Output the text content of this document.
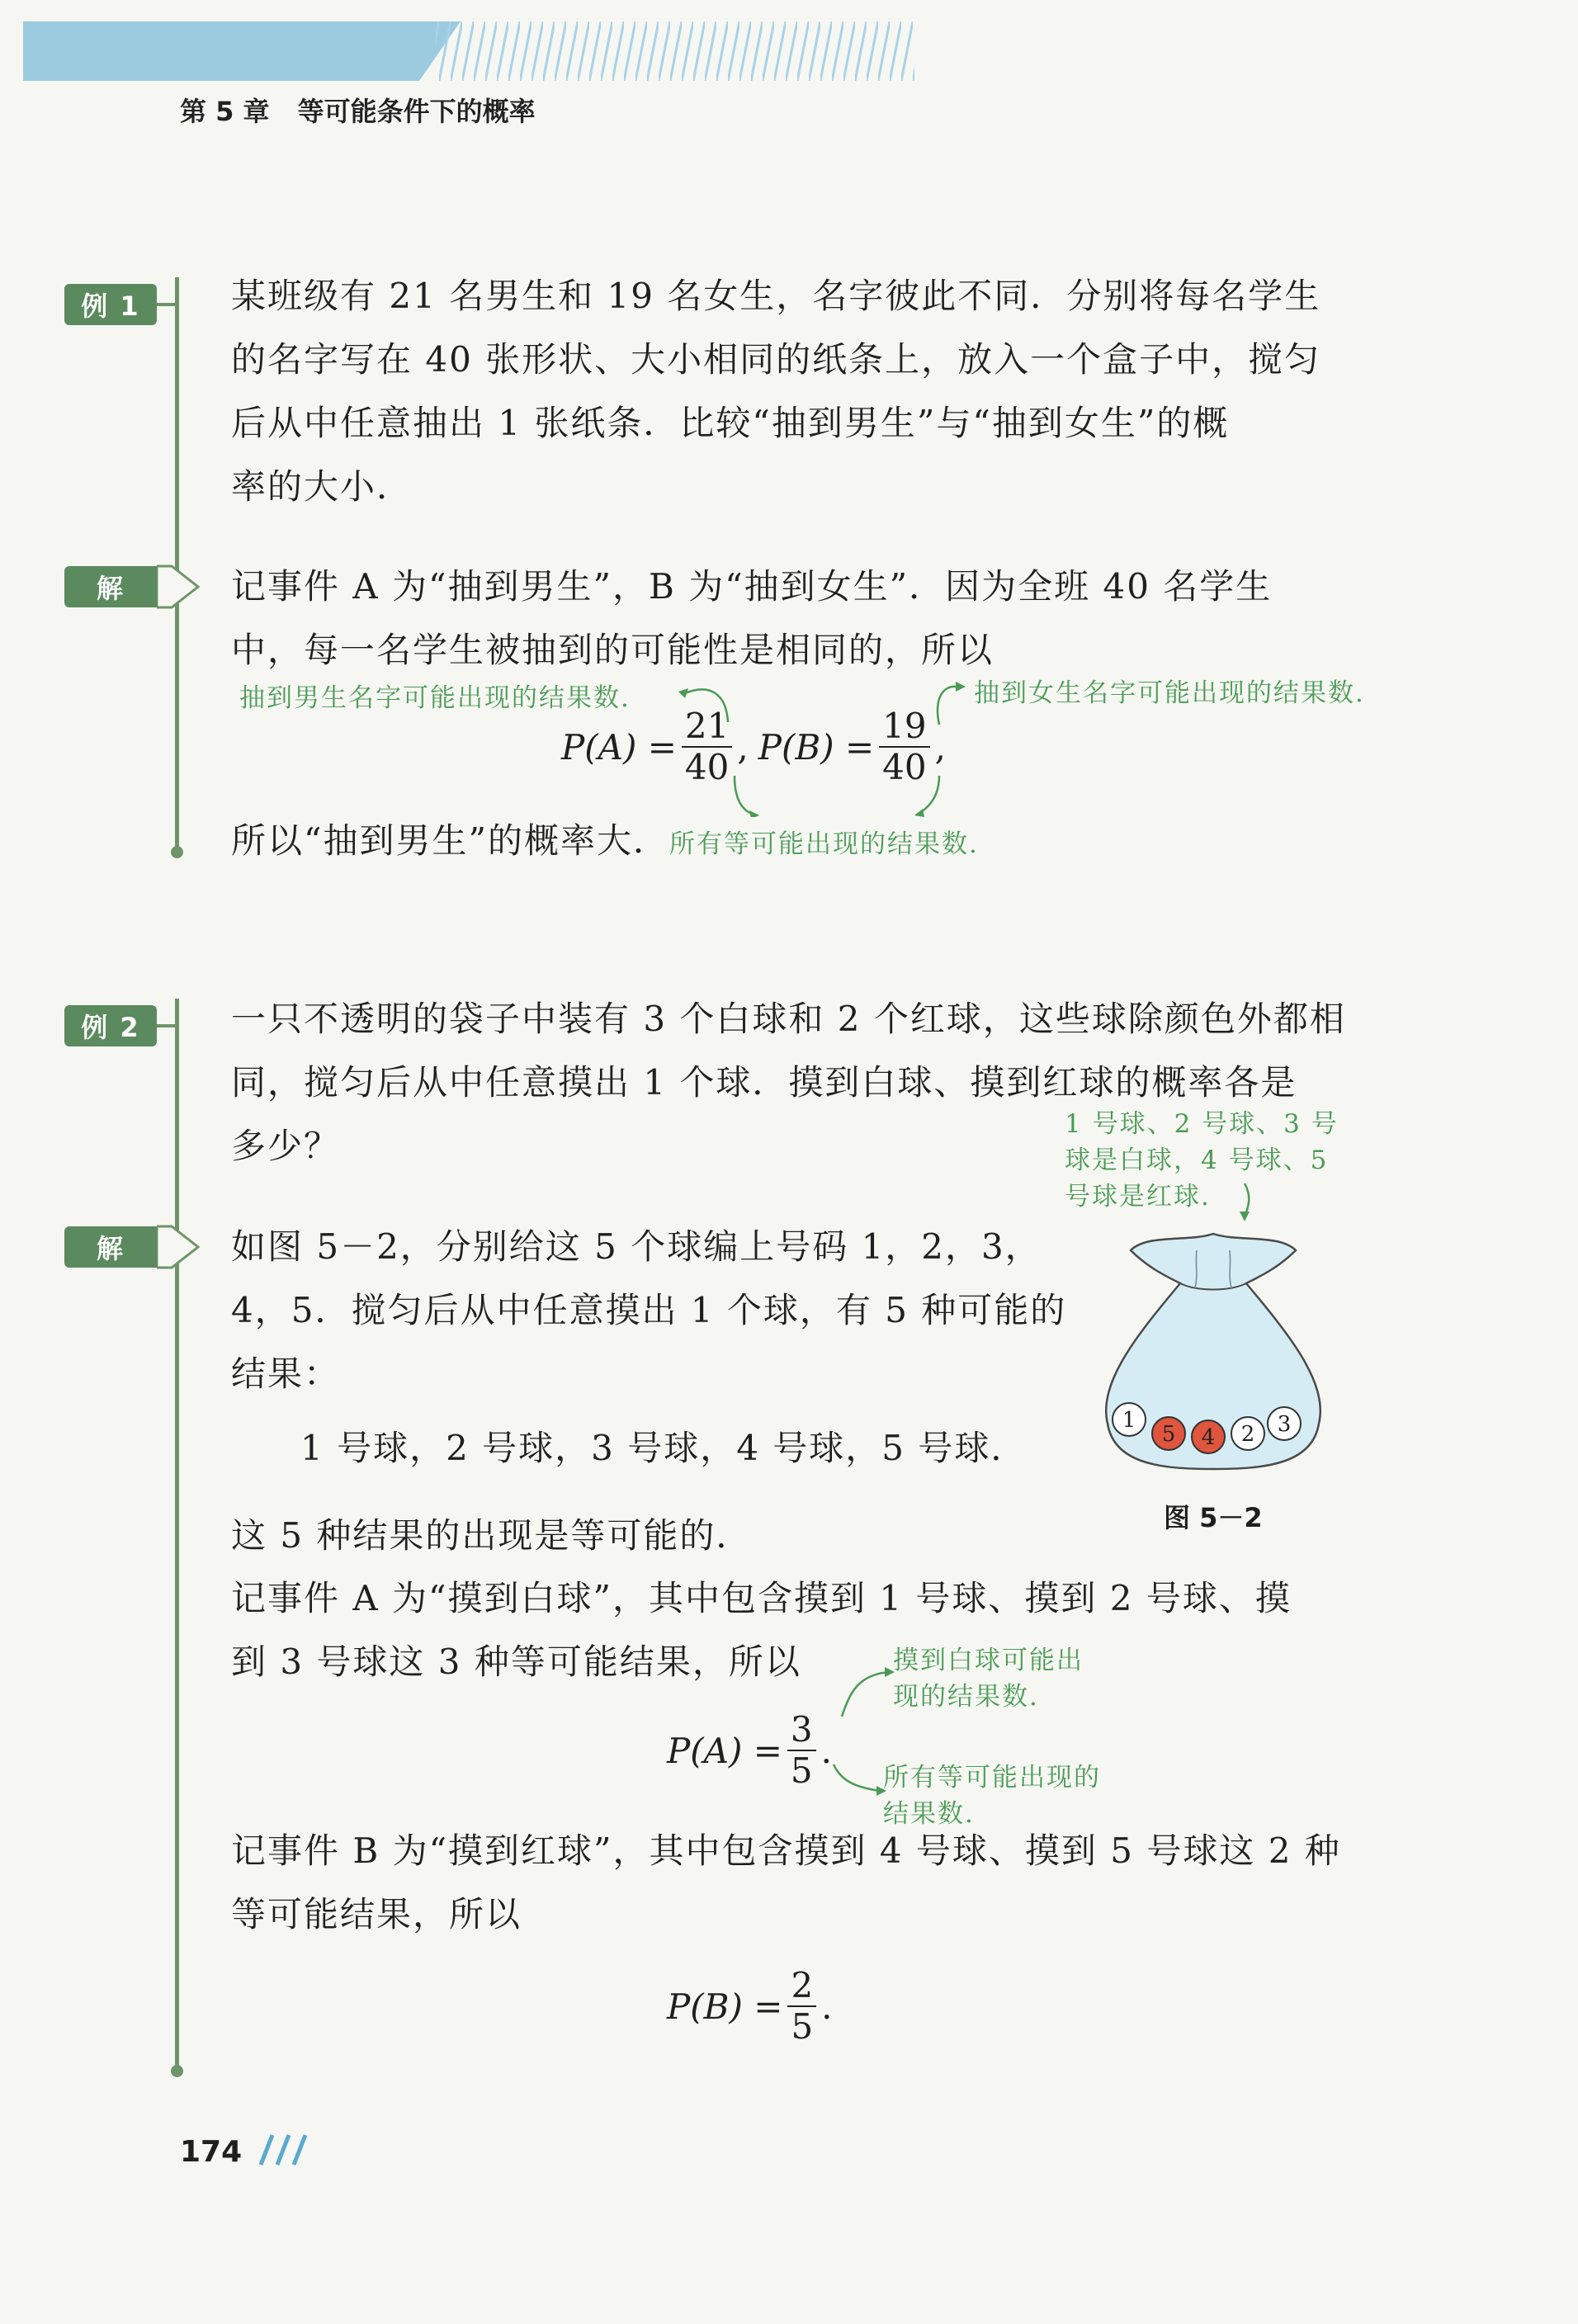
第 5 章 等可能条件下的概率
例 1	某班级有 21 名男生和 19 名女生，名字彼此不同．分别将每名学生
的名字写在 40 张形状、大小相同的纸条上，放入一个盒子中，搅匀
后从中任意抽出 1 张纸条．比较“抽到男生”与“抽到女生”的概
率的大小．
解	记事件 A 为“抽到男生”，B 为“抽到女生”．因为全班 40 名学生
中，每一名学生被抽到的可能性是相同的，所以
抽到男生名字可能出现的结果数.	抽到女生名字可能出现的结果数.
$P(A) = \frac{21}{40}$ , $P(B) = \frac{19}{40}$ ,
所以“抽到男生”的概率大．所有等可能出现的结果数.
例 2	一只不透明的袋子中装有 3 个白球和 2 个红球，这些球除颜色外都相
同，搅匀后从中任意摸出 1 个球．摸到白球、摸到红球的概率各是
多少？
1 号球、2 号球、3 号
球是白球，4 号球、5
号球是红球.
解	如图 5－2，分别给这 5 个球编上号码 1，2，3，
4，5．搅匀后从中任意摸出 1 个球，有 5 种可能的
结果：
1 号球，2 号球，3 号球，4 号球，5 号球．
1
5 4 2 3
图 5－2
这 5 种结果的出现是等可能的．
记事件 A 为“摸到白球”，其中包含摸到 1 号球、摸到 2 号球、摸
到 3 号球这 3 种等可能结果，所以	摸到白球可能出
现的结果数.
$P(A) = \frac{3}{5}$ .
所有等可能出现的
结果数.
记事件 B 为“摸到红球”，其中包含摸到 4 号球、摸到 5 号球这 2 种
等可能结果，所以
$P(B) = \frac{2}{5}$ .
174
